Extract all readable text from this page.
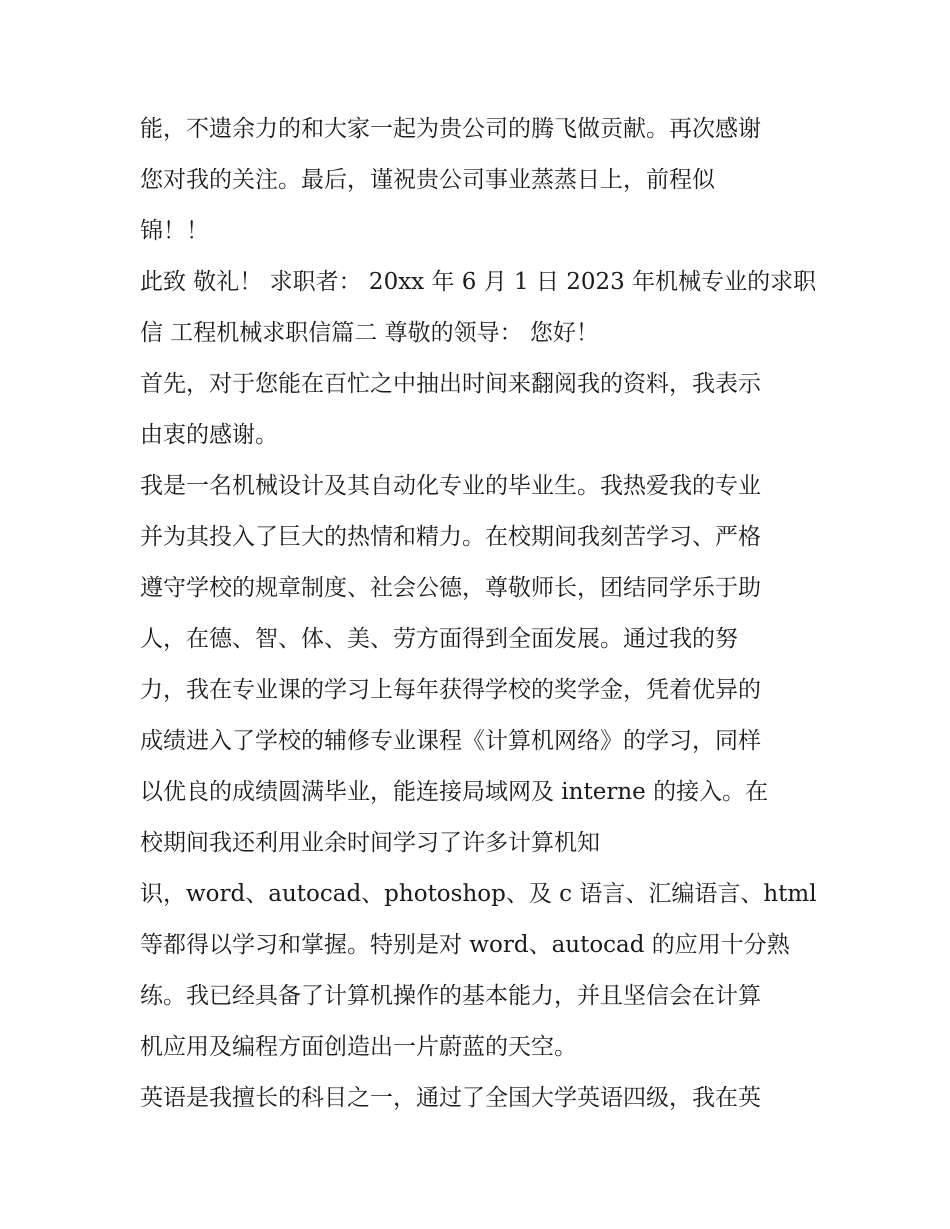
能，不遗余力的和大家一起为贵公司的腾飞做贡献。再次感谢
您对我的关注。最后，谨祝贵公司事业蒸蒸日上，前程似
锦！！
此致 敬礼！ 求职者： 20xx 年 6 月 1 日 2023 年机械专业的求职
信 工程机械求职信篇二 尊敬的领导： 您好！
首先，对于您能在百忙之中抽出时间来翻阅我的资料，我表示
由衷的感谢。
我是一名机械设计及其自动化专业的毕业生。我热爱我的专业
并为其投入了巨大的热情和精力。在校期间我刻苦学习、严格
遵守学校的规章制度、社会公德，尊敬师长，团结同学乐于助
人，在德、智、体、美、劳方面得到全面发展。通过我的努
力，我在专业课的学习上每年获得学校的奖学金，凭着优异的
成绩进入了学校的辅修专业课程《计算机网络》的学习，同样
以优良的成绩圆满毕业，能连接局域网及 interne 的接入。在
校期间我还利用业余时间学习了许多计算机知
识，word、autocad、photoshop、及 c 语言、汇编语言、html
等都得以学习和掌握。特别是对 word、autocad 的应用十分熟
练。我已经具备了计算机操作的基本能力，并且坚信会在计算
机应用及编程方面创造出一片蔚蓝的天空。
英语是我擅长的科目之一，通过了全国大学英语四级，我在英
